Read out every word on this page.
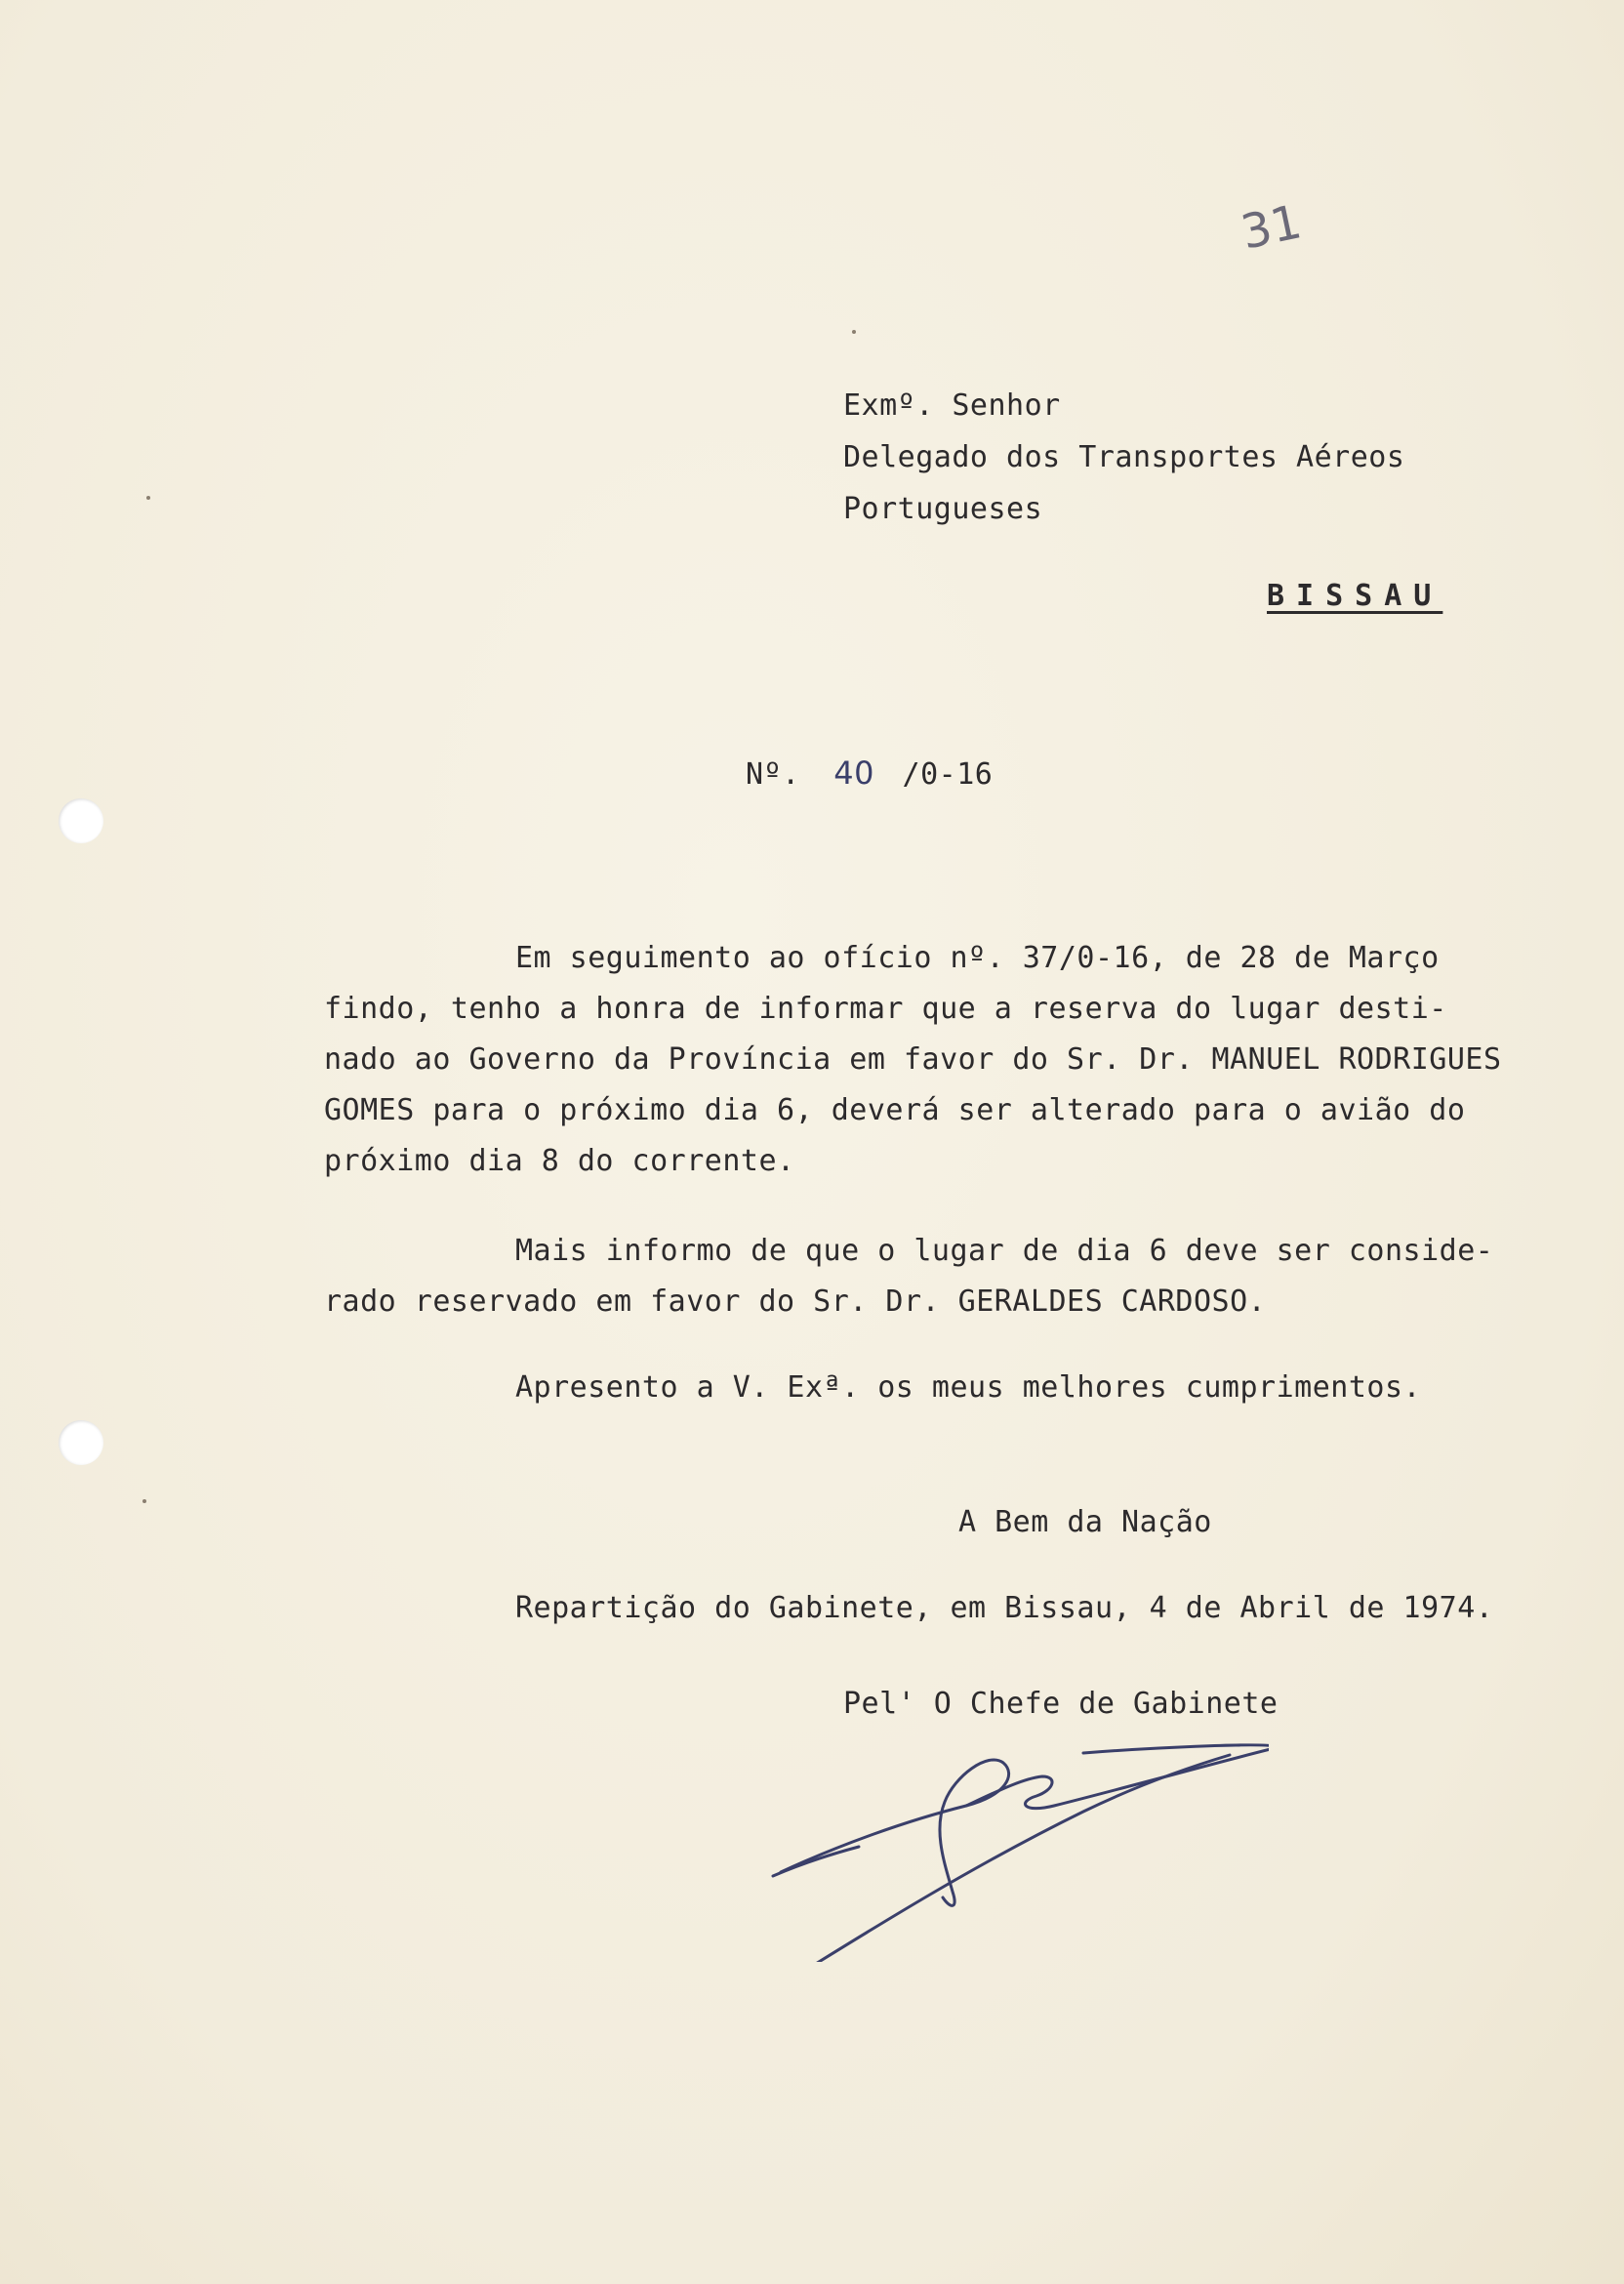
31
Exmº. Senhor
Delegado dos Transportes Aéreos
Portugueses
BISSAU
Nº. 40 /0-16
Em seguimento ao ofício nº. 37/0-16, de 28 de Março
findo, tenho a honra de informar que a reserva do lugar desti-
nado ao Governo da Província em favor do Sr. Dr. MANUEL RODRIGUES
GOMES para o próximo dia 6, deverá ser alterado para o avião do
próximo dia 8 do corrente.
Mais informo de que o lugar de dia 6 deve ser conside-
rado reservado em favor do Sr. Dr. GERALDES CARDOSO.
Apresento a V. Exª. os meus melhores cumprimentos.
A Bem da Nação
Repartição do Gabinete, em Bissau, 4 de Abril de 1974.
Pel' O Chefe de Gabinete
